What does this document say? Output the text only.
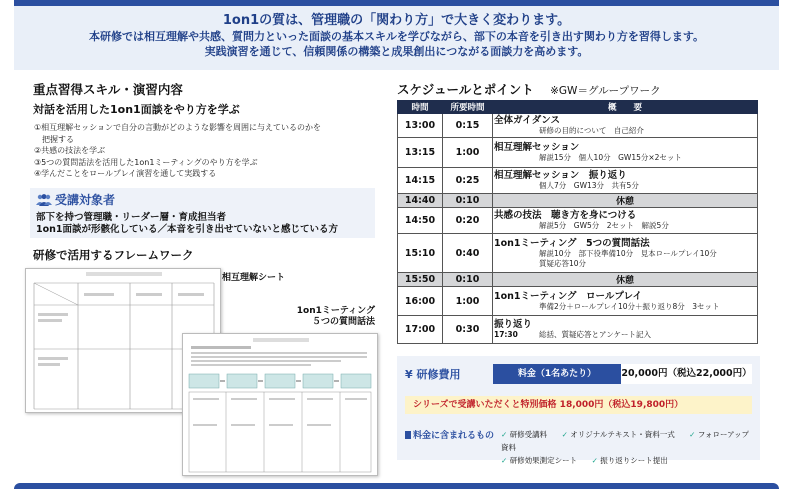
1on1の質は、管理職の「関わり方」で大きく変わります。
本研修では相互理解や共感、質問力といった面談の基本スキルを学びながら、部下の本音を引き出す関わり方を習得します。
実践演習を通じて、信頼関係の構築と成果創出につながる面談力を高めます。
重点習得スキル・演習内容
対話を活用した1on1面談をやり方を学ぶ
①相互理解セッションで自分の言動がどのような影響を周囲に与えているのかを
　把握する
②共感の技法を学ぶ
③5つの質問話法を活用した1on1ミーティングのやり方を学ぶ
④学んだことをロールプレイ演習を通して実践する
受講対象者
部下を持つ管理職・リーダー層・育成担当者
1on1面談が形骸化している／本音を引き出せていないと感じている方
研修で活用するフレームワーク
相互理解シート
1on1ミーティング
５つの質問話法
スケジュールとポイント ※GW＝グループワーク
時間	所要時間	概　　要
13:00	0:15	全体ガイダンス
研修の目的について　自己紹介

13:15	1:00	相互理解セッション
解説15分　個人10分　GW15分×2セット

14:15	0:25	相互理解セッション　振り返り
個人7分　GW13分　共有5分

14:40	0:10	休憩
14:50	0:20	共感の技法　聴き方を身につける
解説5分　GW5分　2セット　解説5分

15:10	0:40	1on1ミーティング　5つの質問話法
解説10分　部下役準備10分　見本ロールプレイ10分
質疑応答10分

15:50	0:10	休憩
16:00	1:00	1on1ミーティング　ロールプレイ
準備2分＋ロールプレイ10分＋振り返り8分　3セット

17:00	0:30	振り返り
17:30 総括、質疑応答とアンケート記入
¥ 研修費用	料金（1名あたり）	20,000円（税込22,000円）
シリーズで受講いただくと特別価格 18,000円（税込19,800円）
料金に含まれるもの ✓ 研修受講料 ✓ オリジナルテキスト・資料一式 ✓ フォローアップ資料
✓ 研修効果測定シート ✓ 振り返りシート提出
